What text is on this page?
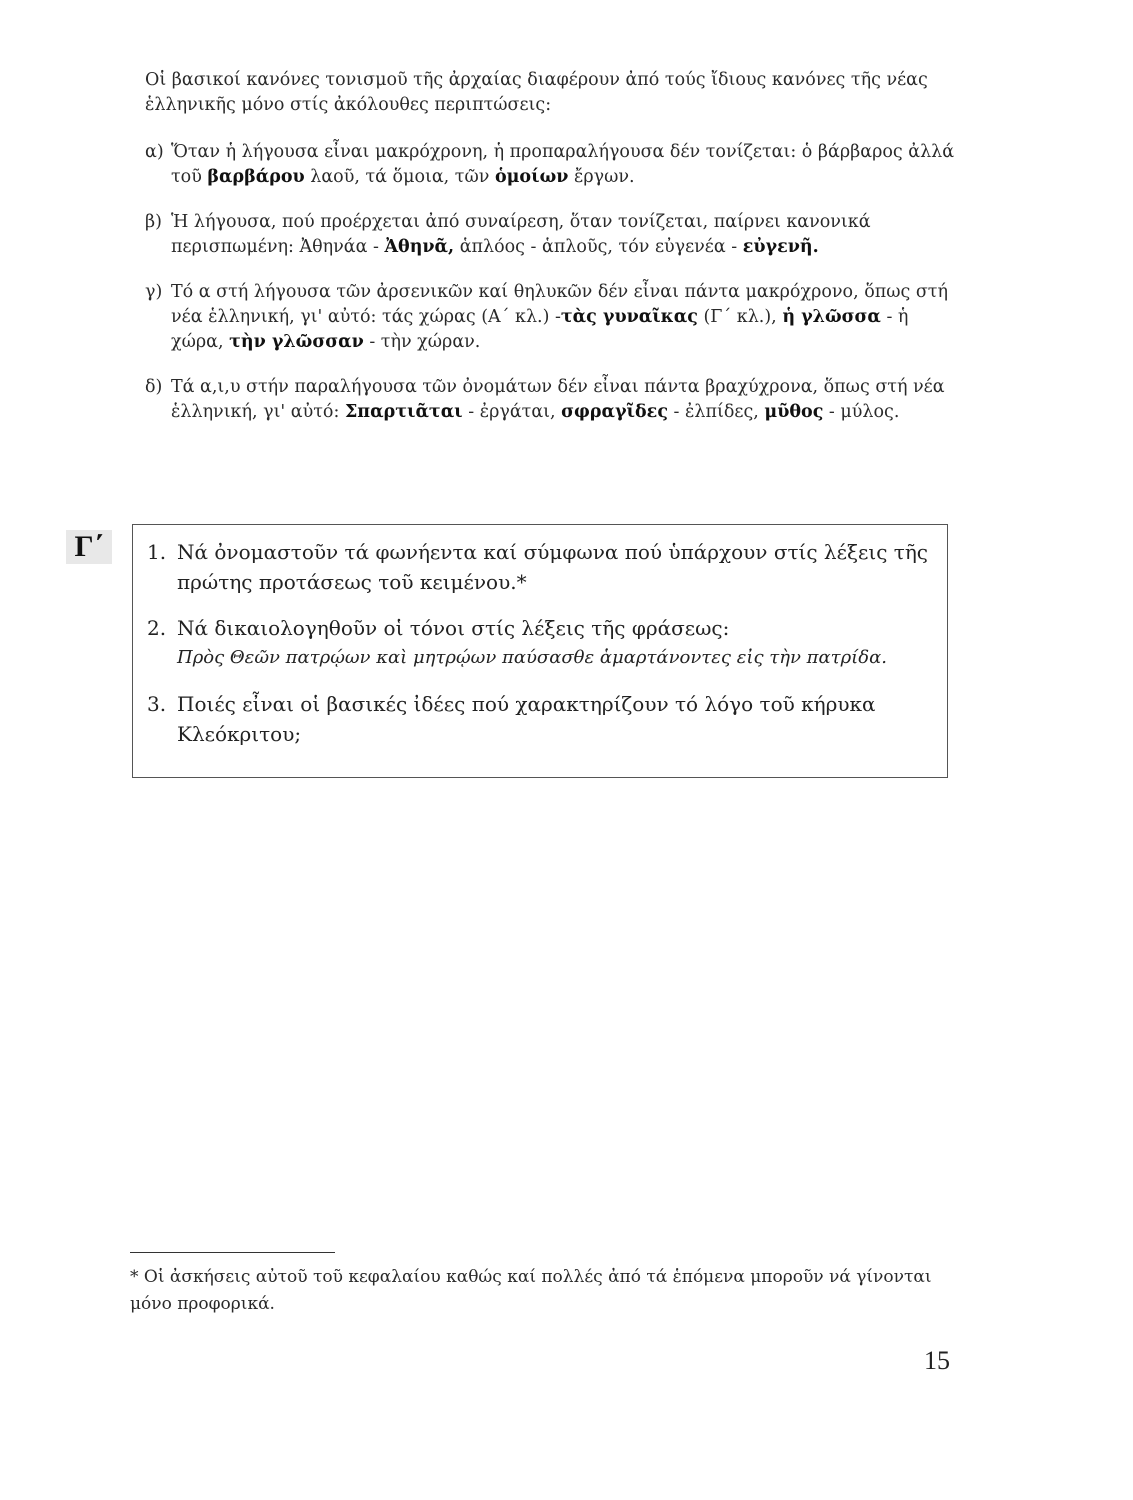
Οἱ βασικοί κανόνες τονισμοῦ τῆς ἀρχαίας διαφέρουν ἀπό τούς ἴδιους κανόνες τῆς νέας ἑλληνικῆς μόνο στίς ἀκόλουθες περιπτώσεις:

α) Ὅταν ἡ λήγουσα εἶναι μακρόχρονη, ἡ προπαραλήγουσα δέν τονίζεται: ὁ βάρβαρος ἀλλά τοῦ βαρβάρου λαοῦ, τά ὅμοια, τῶν ὁμοίων ἔργων.
β) Ἡ λήγουσα, πού προέρχεται ἀπό συναίρεση, ὅταν τονίζεται, παίρνει κανονικά περισπωμένη: Ἀθηνάα - Ἀθηνᾶ, ἁπλόος - ἁπλοῦς, τόν εὐγενέα - εὐγενῆ.
γ) Τό α στή λήγουσα τῶν ἀρσενικῶν καί θηλυκῶν δέν εἶναι πάντα μακρόχρονο, ὅπως στή νέα ἑλληνική, γι' αὐτό: τάς χώρας (Α΄ κλ.) -τὰς γυναῖκας (Γ΄ κλ.), ἡ γλῶσσα - ἡ χώρα, τὴν γλῶσσαν - τὴν χώραν.
δ) Τά α,ι,υ στήν παραλήγουσα τῶν ὀνομάτων δέν εἶναι πάντα βραχύχρονα, ὅπως στή νέα ἑλληνική, γι' αὐτό: Σπαρτιᾶται - ἐργάται, σφραγῖδες - ἐλπίδες, μῦθος - μύλος.
Γ΄	1. Νά ὀνομαστοῦν τά φωνήεντα καί σύμφωνα πού ὑπάρχουν στίς λέξεις τῆς πρώτης προτάσεως τοῦ κειμένου.*
2. Νά δικαιολογηθοῦν οἱ τόνοι στίς λέξεις τῆς φράσεως:
Πρὸς Θεῶν πατρῴων καὶ μητρῴων παύσασθε ἁμαρτάνοντες εἰς τὴν πατρίδα.
3. Ποιές εἶναι οἱ βασικές ἰδέες πού χαρακτηρίζουν τό λόγο τοῦ κήρυκα Κλεόκριτου;
* Οἱ ἀσκήσεις αὐτοῦ τοῦ κεφαλαίου καθώς καί πολλές ἀπό τά ἑπόμενα μποροῦν νά γίνονται μόνο προφορικά.
15
